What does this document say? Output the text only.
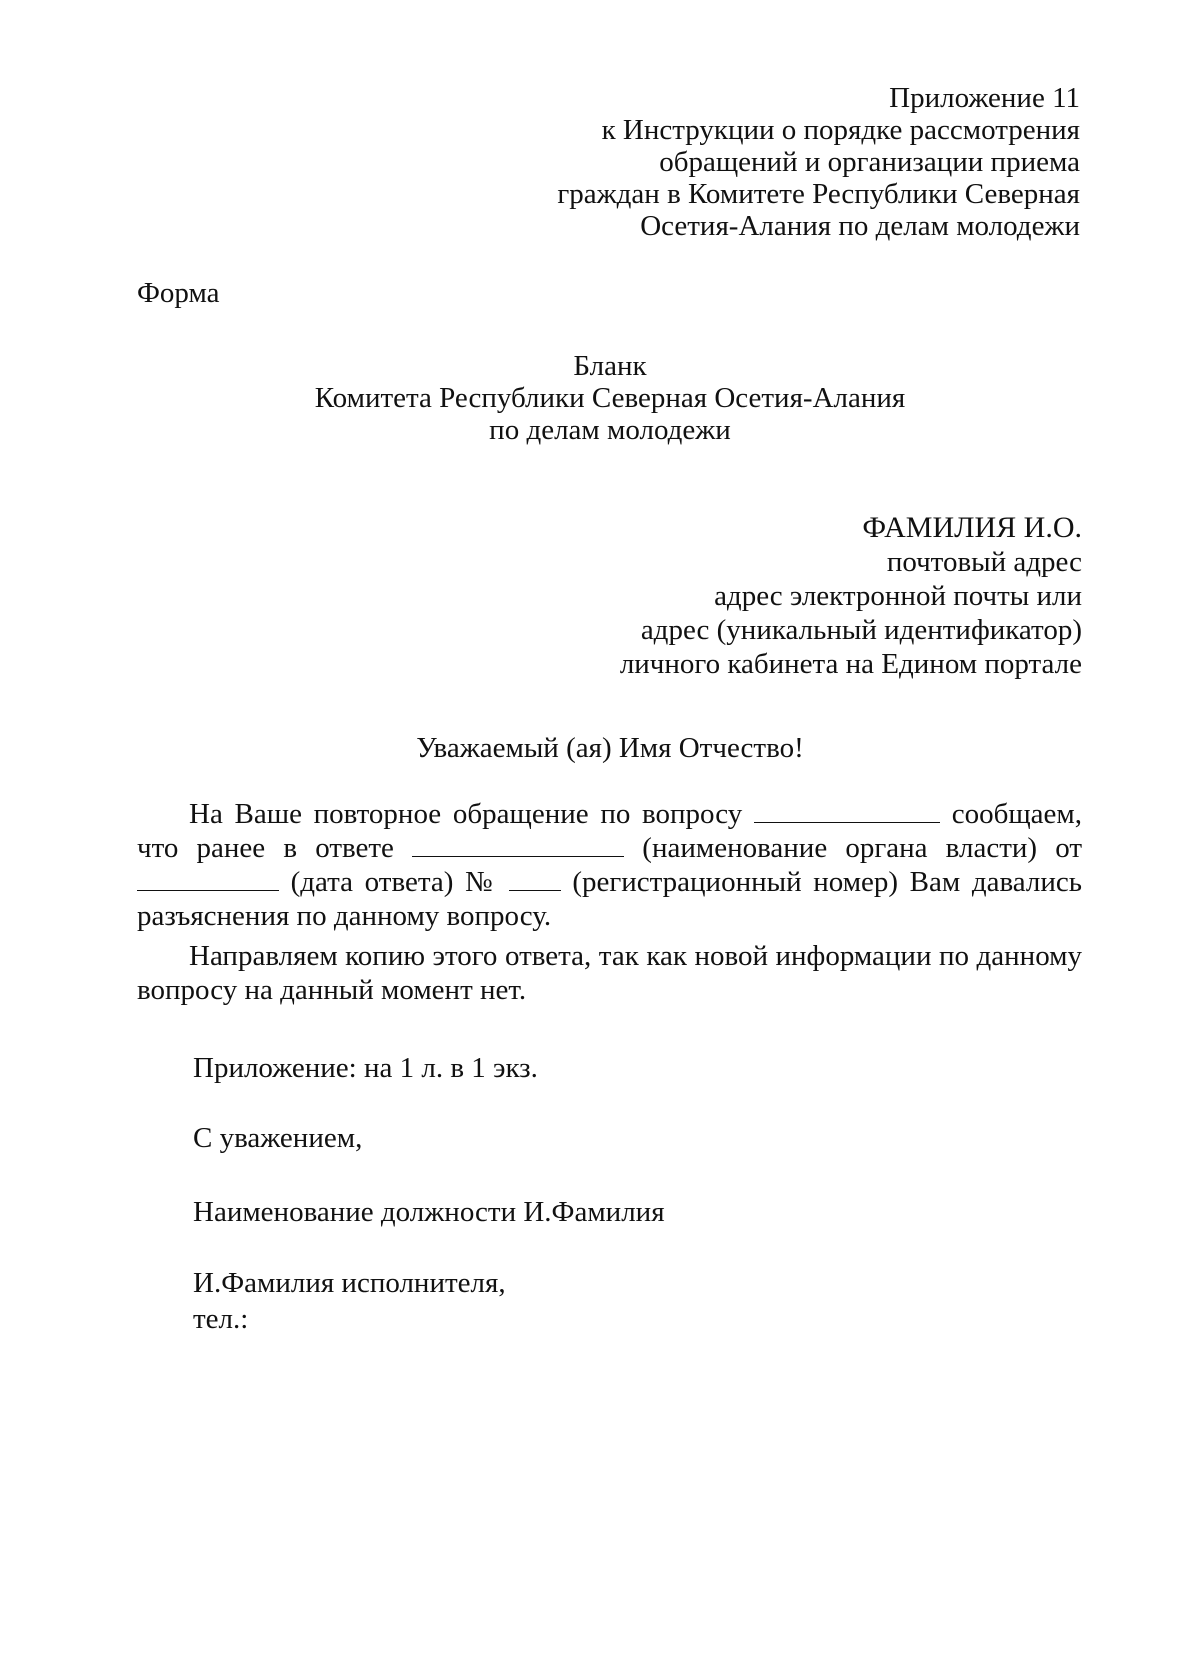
Приложение 11
к Инструкции о порядке рассмотрения
обращений и организации приема
граждан в Комитете Республики Северная
Осетия-Алания по делам молодежи
Форма
Бланк
Комитета Республики Северная Осетия-Алания
по делам молодежи
ФАМИЛИЯ И.О.
почтовый адрес
адрес электронной почты или
адрес (уникальный идентификатор)
личного кабинета на Едином портале
Уважаемый (ая) Имя Отчество!

На Ваше повторное обращение по вопросу	сообщаем, что ранее в ответе	(наименование органа власти) от  (дата ответа) №	(регистрационный номер) Вам давались разъяснения по данному вопросу.

Направляем копию этого ответа, так как новой информации по данному вопросу на данный момент нет.

Приложение: на 1 л. в 1 экз.
С уважением,
Наименование должности И.Фамилия
И.Фамилия исполнителя,
тел.:
